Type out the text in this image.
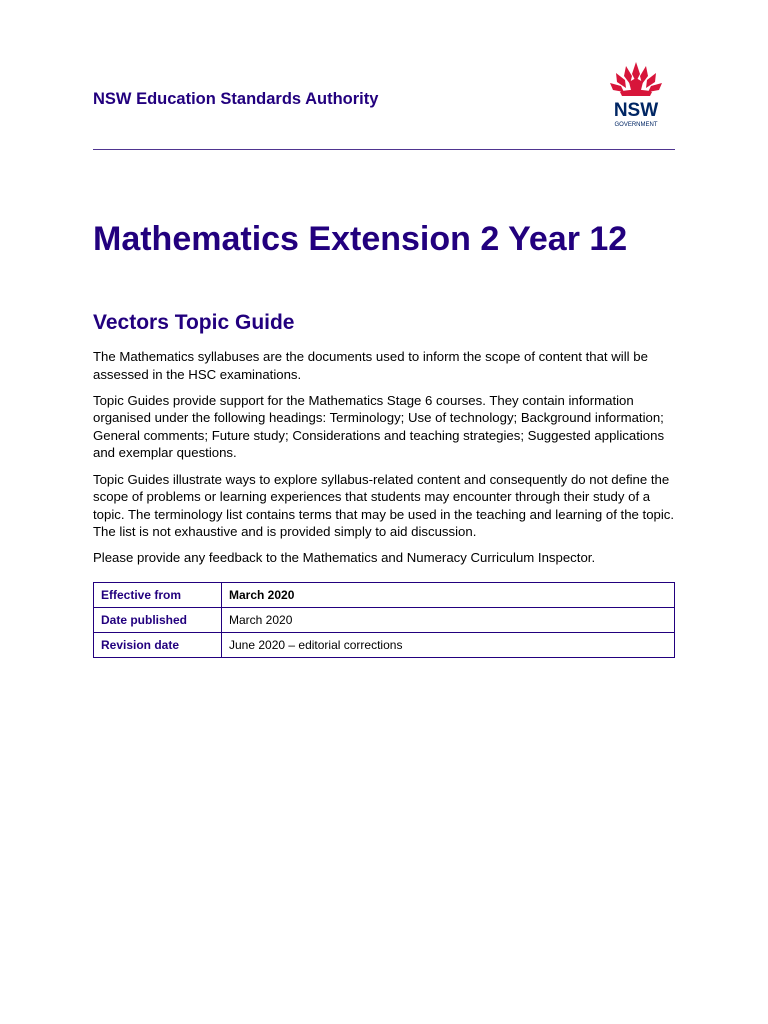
NSW Education Standards Authority
NSW
GOVERNMENT
Mathematics Extension 2 Year 12
Vectors Topic Guide

The Mathematics syllabuses are the documents used to inform the scope of content that will be assessed in the HSC examinations.

Topic Guides provide support for the Mathematics Stage 6 courses. They contain information organised under the following headings: Terminology; Use of technology; Background information; General comments; Future study; Considerations and teaching strategies; Suggested applications and exemplar questions.

Topic Guides illustrate ways to explore syllabus-related content and consequently do not define the scope of problems or learning experiences that students may encounter through their study of a topic. The terminology list contains terms that may be used in the teaching and learning of the topic. The list is not exhaustive and is provided simply to aid discussion.

Please provide any feedback to the Mathematics and Numeracy Curriculum Inspector.

Effective from	March 2020
Date published	March 2020
Revision date	June 2020 – editorial corrections
